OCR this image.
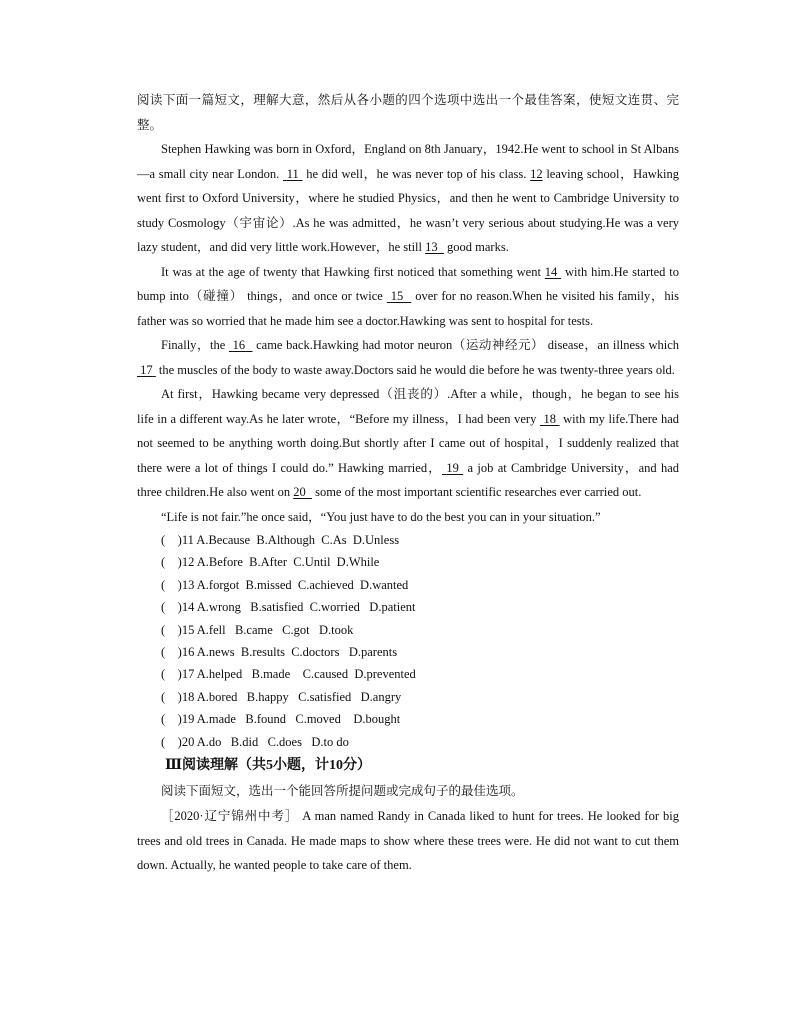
阅读下面一篇短文，理解大意，然后从各小题的四个选项中选出一个最佳答案，使短文连贯、完整。

Stephen Hawking was born in Oxford，England on 8th January，1942.He went to school in St Albans—a small city near London.  11  he did well，he was never top of his class. 12 leaving school，Hawking went first to Oxford University，where he studied Physics，and then he went to Cambridge University to study Cosmology（宇宙论）.As he was admitted，he wasn’t very serious about studying.He was a very lazy student，and did very little work.However，he still 13   good marks.

It was at the age of twenty that Hawking first noticed that something went 14  with him.He started to bump into（碰撞） things，and once or twice  15   over for no reason.When he visited his family，his father was so worried that he made him see a doctor.Hawking was sent to hospital for tests.

Finally，the  16   came back.Hawking had motor neuron（运动神经元） disease，an illness which  17  the muscles of the body to waste away.Doctors said he would die before he was twenty-three years old.

At first，Hawking became very depressed（沮丧的）.After a while，though，he began to see his life in a different way.As he later wrote，“Before my illness，I had been very  18  with my life.There had not seemed to be anything worth doing.But shortly after I came out of hospital，I suddenly realized that there were a lot of things I could do.” Hawking married， 19  a job at Cambridge University，and had three children.He also went on 20   some of the most important scientific researches ever carried out.

“Life is not fair.”he once said，“You just have to do the best you can in your situation.”

(    )11 A.Because  B.Although  C.As  D.Unless
(    )12 A.Before  B.After  C.Until  D.While
(    )13 A.forgot  B.missed  C.achieved  D.wanted
(    )14 A.wrong   B.satisfied  C.worried   D.patient
(    )15 A.fell   B.came   C.got   D.took
(    )16 A.news  B.results  C.doctors   D.parents
(    )17 A.helped   B.made    C.caused  D.prevented
(    )18 A.bored   B.happy   C.satisfied   D.angry
(    )19 A.made   B.found   C.moved    D.bought
(    )20 A.do   B.did   C.does   D.to do
Ⅲ阅读理解（共5小题，计10分）
阅读下面短文，选出一个能回答所提问题或完成句子的最佳选项。

［2020·辽宁锦州中考］ A man named Randy in Canada liked to hunt for trees. He looked for big trees and old trees in Canada. He made maps to show where these trees were. He did not want to cut them down. Actually, he wanted people to take care of them.
